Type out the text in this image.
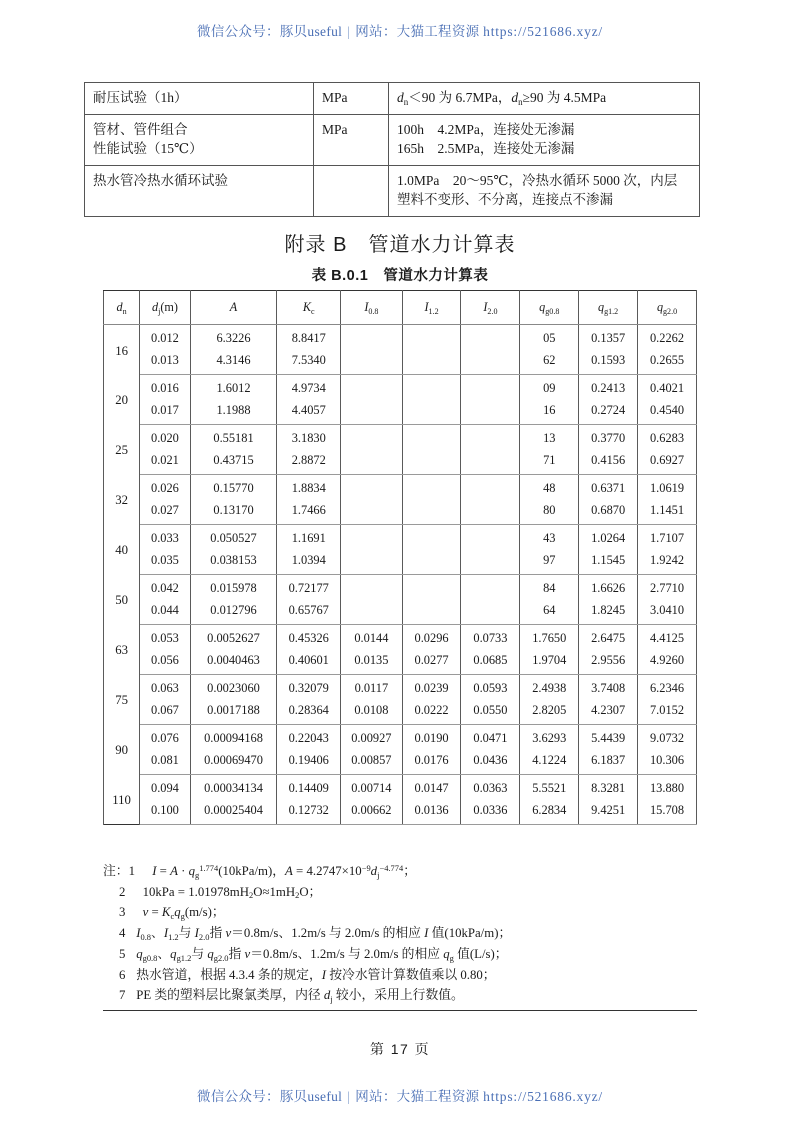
微信公众号：豚贝useful | 网站：大猫工程资源 https://521686.xyz/
耐压试验（1h）	MPa	$d_n<90$ 为 6.7MPa，$d_n\ge 90$ 为 4.5MPa

管材、管件组合
性能试验（15℃）
	MPa	100h　4.2MPa，连接处无渗漏
165h　2.5MPa，连接处无渗漏

热水管冷热水循环试验		1.0MPa　20～95℃，冷热水循环 5000 次，内层
塑料不变形、不分离，连接点不渗漏
附录 B　管道水力计算表
表 B.0.1　管道水力计算表
$d_n$	$d_j(m)$	A	$K_c$	$I_{0.8}$	$I_{1.2}$	$I_{2.0}$	$q_{g0.8}$	$q_{g1.2}$	$q_{g2.0}$
16	0.012	6.3226	8.8417				05	0.1357	0.2262
	0.013	4.3146	7.5340				62	0.1593	0.2655
20	0.016	1.6012	4.9734				09	0.2413	0.4021
	0.017	1.1988	4.4057				16	0.2724	0.4540
25	0.020	0.55181	3.1830				13	0.3770	0.6283
	0.021	0.43715	2.8872				71	0.4156	0.6927
32	0.026	0.15770	1.8834				48	0.6371	1.0619
	0.027	0.13170	1.7466				80	0.6870	1.1451
40	0.033	0.050527	1.1691				43	1.0264	1.7107
	0.035	0.038153	1.0394				97	1.1545	1.9242
50	0.042	0.015978	0.72177				84	1.6626	2.7710
	0.044	0.012796	0.65767				64	1.8245	3.0410
63	0.053	0.0052627	0.45326	0.0144	0.0296	0.0733	1.7650	2.6475	4.4125
	0.056	0.0040463	0.40601	0.0135	0.0277	0.0685	1.9704	2.9556	4.9260
75	0.063	0.0023060	0.32079	0.0117	0.0239	0.0593	2.4938	3.7408	6.2346
	0.067	0.0017188	0.28364	0.0108	0.0222	0.0550	2.8205	4.2307	7.0152
90	0.076	0.00094168	0.22043	0.00927	0.0190	0.0471	3.6293	5.4439	9.0732
	0.081	0.00069470	0.19406	0.00857	0.0176	0.0436	4.1224	6.1837	10.306
110	0.094	0.00034134	0.14409	0.00714	0.0147	0.0363	5.5521	8.3281	13.880
	0.100	0.00025404	0.12732	0.00662	0.0136	0.0336	6.2834	9.4251	15.708
注：1 $I = A \cdot q_g^{1.774}(10kPa/m)$，$A = 4.2747\times 10^{-9}d_j^{-4.774}$；
2 $10kPa = 1.01978mH_2O\approx 1mH_2O$；
3 $v = K_cq_g(m/s)$；
4 $I_{0.8}$、$I_{1.2}$与 $I_{2.0}$指 v＝0.8m/s、1.2m/s 与 2.0m/s 的相应 I 值(10kPa/m)；
5 $q_{g0.8}$、$q_{g1.2}$与 $q_{g2.0}$指 v＝0.8m/s、1.2m/s 与 2.0m/s 的相应 $q_g$ 值(L/s)；
6 热水管道，根据 4.3.4 条的规定，I 按冷水管计算数值乘以 0.80；
7 PE 类的塑料层比聚氯类厚，内径 $d_j$ 较小，采用上行数值。
第 17 页
微信公众号：豚贝useful | 网站：大猫工程资源 https://521686.xyz/
